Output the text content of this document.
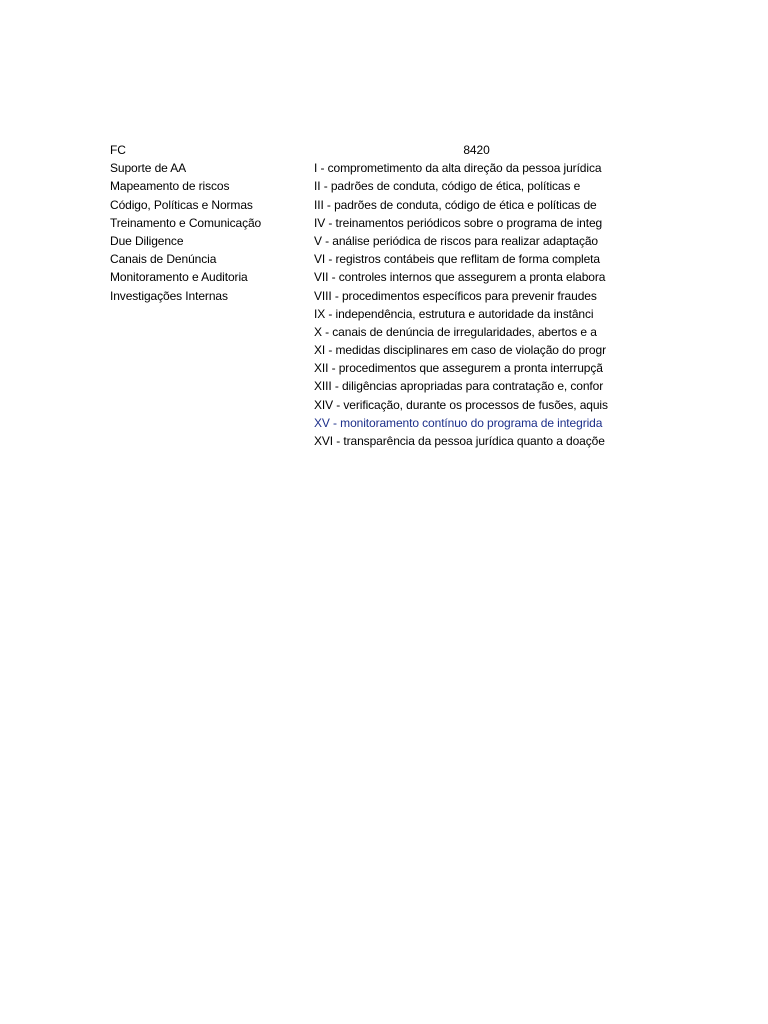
FC
Suporte de AA
Mapeamento de riscos
Código, Políticas e Normas
Treinamento e Comunicação
Due Diligence
Canais de Denúncia
Monitoramento e Auditoria
Investigações Internas
8420
I - comprometimento da alta direção da pessoa jurídica
II - padrões de conduta, código de ética, políticas e
III - padrões de conduta, código de ética e políticas de
IV - treinamentos periódicos sobre o programa de integ
V - análise periódica de riscos para realizar adaptação
VI - registros contábeis que reflitam de forma completa
VII - controles internos que assegurem a pronta elabora
VIII - procedimentos específicos para prevenir fraudes
IX - independência, estrutura e autoridade da instânci
X - canais de denúncia de irregularidades, abertos e a
XI - medidas disciplinares em caso de violação do progr
XII - procedimentos que assegurem a pronta interrupçã
XIII - diligências apropriadas para contratação e, confor
XIV - verificação, durante os processos de fusões, aquis
XV - monitoramento contínuo do programa de integrida
XVI - transparência da pessoa jurídica quanto a doaçõe
